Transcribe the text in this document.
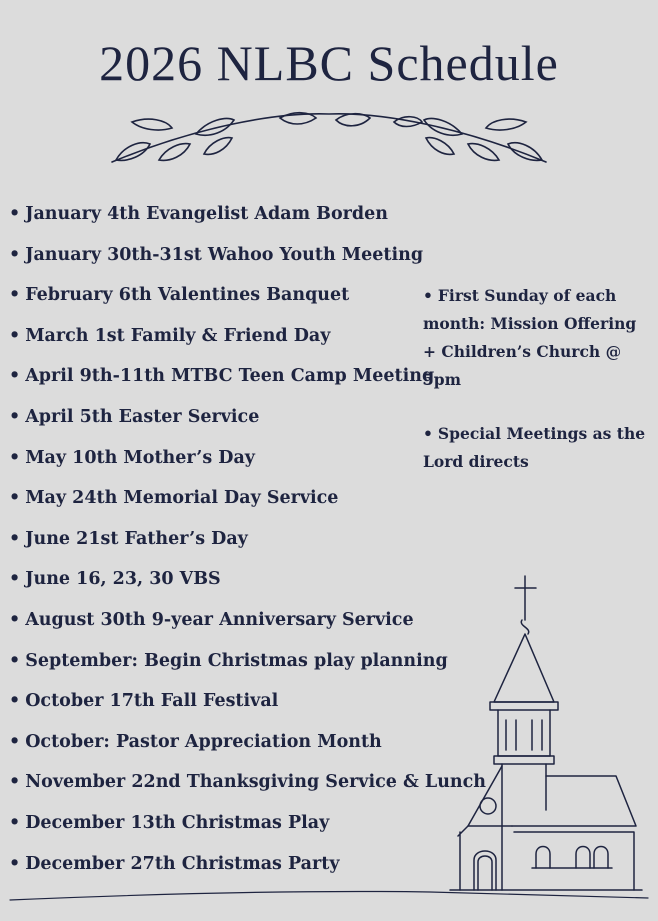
2026 NLBC Schedule
• January 4th Evangelist Adam Borden
• January 30th-31st Wahoo Youth Meeting
• February 6th Valentines Banquet
• March 1st Family & Friend Day
• April 9th-11th MTBC Teen Camp Meeting
• April 5th Easter Service
• May 10th Mother’s Day
• May 24th Memorial Day Service
• June 21st Father’s Day
• June 16, 23, 30 VBS
• August 30th 9-year Anniversary Service
• September: Begin Christmas play planning
• October 17th Fall Festival
• October: Pastor Appreciation Month
• November 22nd Thanksgiving Service & Lunch
• December 13th Christmas Play
• December 27th Christmas Party

• First Sunday of each month: Mission Offering + Children’s Church @ 5pm

• Special Meetings as the Lord directs
